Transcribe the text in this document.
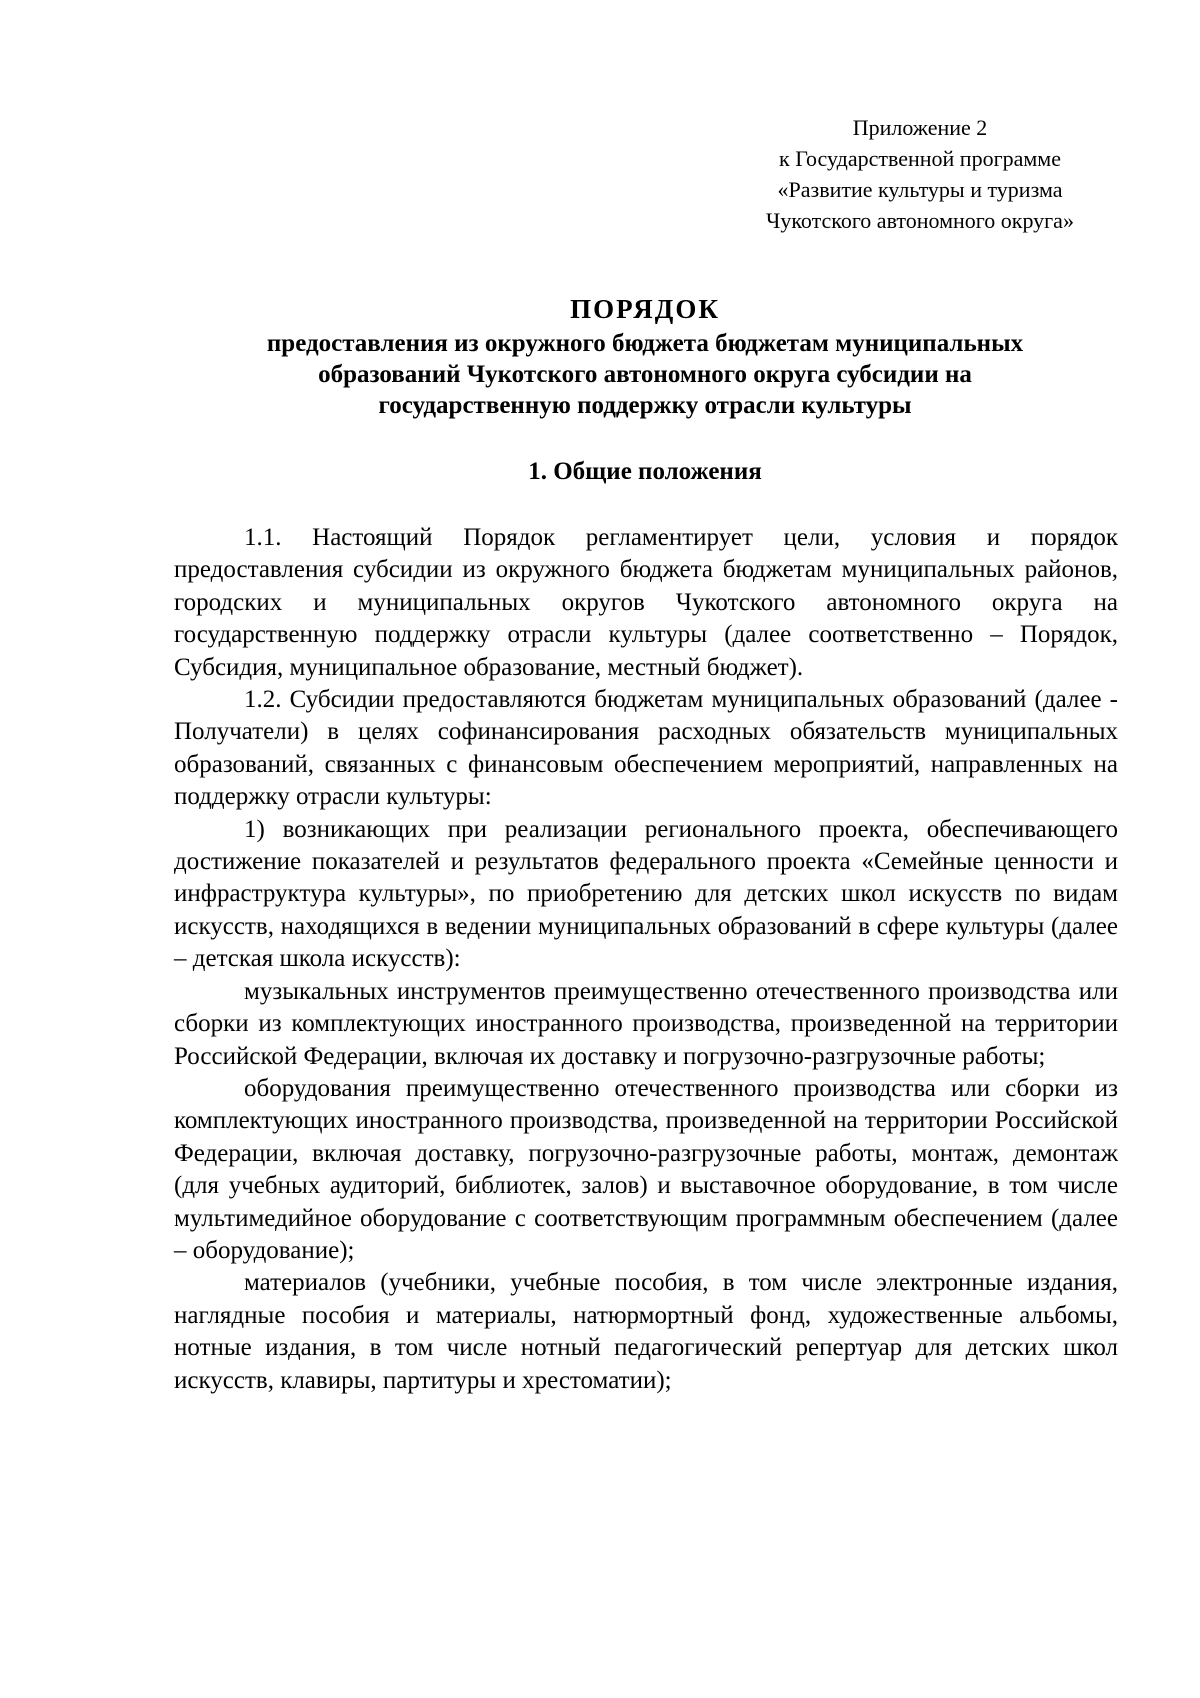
Приложение 2
к Государственной программе
«Развитие культуры и туризма
Чукотского автономного округа»
ПОРЯДОК
предоставления из окружного бюджета бюджетам муниципальных
образований Чукотского автономного округа субсидии на
государственную поддержку отрасли культуры
1. Общие положения

1.1. Настоящий Порядок регламентирует цели, условия и порядок предоставления субсидии из окружного бюджета бюджетам муниципальных районов, городских и муниципальных округов Чукотского автономного округа на государственную поддержку отрасли культуры (далее соответственно – Порядок, Субсидия, муниципальное образование, местный бюджет).

1.2. Субсидии предоставляются бюджетам муниципальных образований (далее - Получатели) в целях софинансирования расходных обязательств муниципальных образований, связанных с финансовым обеспечением мероприятий, направленных на поддержку отрасли культуры:

1) возникающих при реализации регионального проекта, обеспечивающего достижение показателей и результатов федерального проекта «Семейные ценности и инфраструктура культуры», по приобретению для детских школ искусств по видам искусств, находящихся в ведении муниципальных образований в сфере культуры (далее – детская школа искусств):

музыкальных инструментов преимущественно отечественного производства или сборки из комплектующих иностранного производства, произведенной на территории Российской Федерации, включая их доставку и погрузочно-разгрузочные работы;

оборудования преимущественно отечественного производства или сборки из комплектующих иностранного производства, произведенной на территории Российской Федерации, включая доставку, погрузочно-разгрузочные работы, монтаж, демонтаж (для учебных аудиторий, библиотек, залов) и выставочное оборудование, в том числе мультимедийное оборудование с соответствующим программным обеспечением (далее – оборудование);

материалов (учебники, учебные пособия, в том числе электронные издания, наглядные пособия и материалы, натюрмортный фонд, художественные альбомы, нотные издания, в том числе нотный педагогический репертуар для детских школ искусств, клавиры, партитуры и хрестоматии);
